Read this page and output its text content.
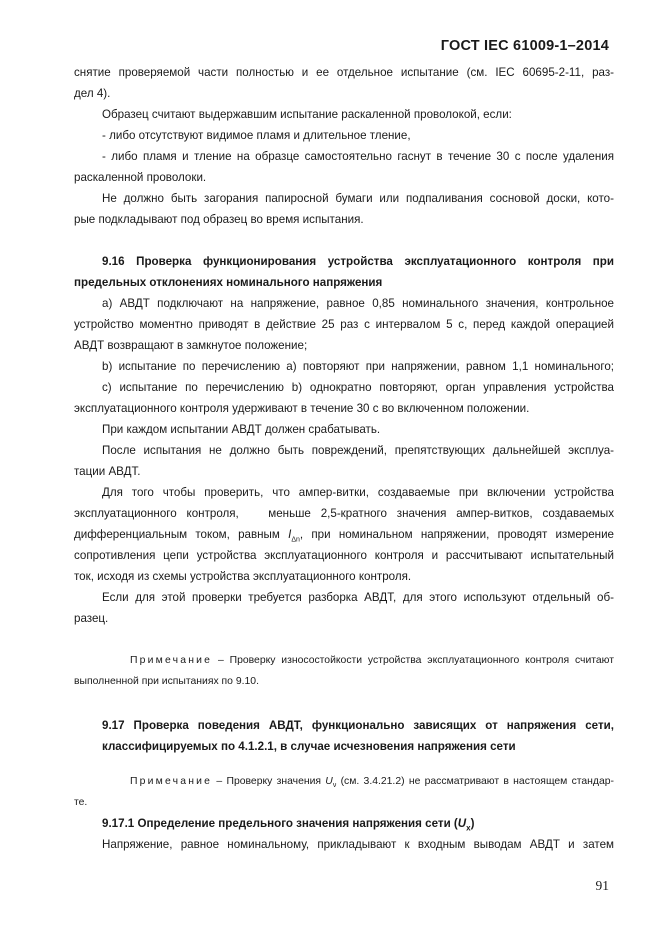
ГОСТ IEC 61009-1–2014
снятие проверяемой части полностью и ее отдельное испытание (см. IEC 60695-2-11, раз-
дел 4).
Образец считают выдержавшим испытание раскаленной проволокой, если:
- либо отсутствуют видимое пламя и длительное тление,
- либо пламя и тление на образце самостоятельно гаснут в течение 30 с после удаления
раскаленной проволоки.
Не должно быть загорания папиросной бумаги или подпаливания сосновой доски, кото-
рые подкладывают под образец во время испытания.
9.16 Проверка функционирования устройства эксплуатационного контроля при
предельных отклонениях номинального напряжения
а) АВДТ подключают на напряжение, равное 0,85 номинального значения, контрольное
устройство моментно приводят в действие 25 раз с интервалом 5 с, перед каждой операцией
АВДТ возвращают в замкнутое положение;
b) испытание по перечислению а) повторяют при напряжении, равном 1,1 номинального;
с) испытание по перечислению b) однократно повторяют, орган управления устройства
эксплуатационного контроля удерживают в течение 30 с во включенном положении.
При каждом испытании АВДТ должен срабатывать.
После испытания не должно быть повреждений, препятствующих дальнейшей эксплуа-
тации АВДТ.
Для того чтобы проверить, что ампер-витки, создаваемые при включении устройства
эксплуатационного контроля,   меньше 2,5-кратного значения ампер-витков, создаваемых
дифференциальным током, равным $I_{\Delta n}$, при номинальном напряжении, проводят измерение
сопротивления цепи устройства эксплуатационного контроля и рассчитывают испытательный
ток, исходя из схемы устройства эксплуатационного контроля.
Если для этой проверки требуется разборка АВДТ, для этого используют отдельный об-
разец.
Примечание – Проверку износостойкости устройства эксплуатационного контроля считают
выполненной при испытаниях по 9.10.
9.17 Проверка поведения АВДТ, функционально зависящих от напряжения сети,
классифицируемых по 4.1.2.1, в случае исчезновения напряжения сети
Примечание – Проверку значения $U_\nu$ (см. 3.4.21.2) не рассматривают в настоящем стандар-
те.
9.17.1 Определение предельного значения напряжения сети $(U_x)$
Напряжение, равное номинальному, прикладывают к входным выводам АВДТ и затем
91
